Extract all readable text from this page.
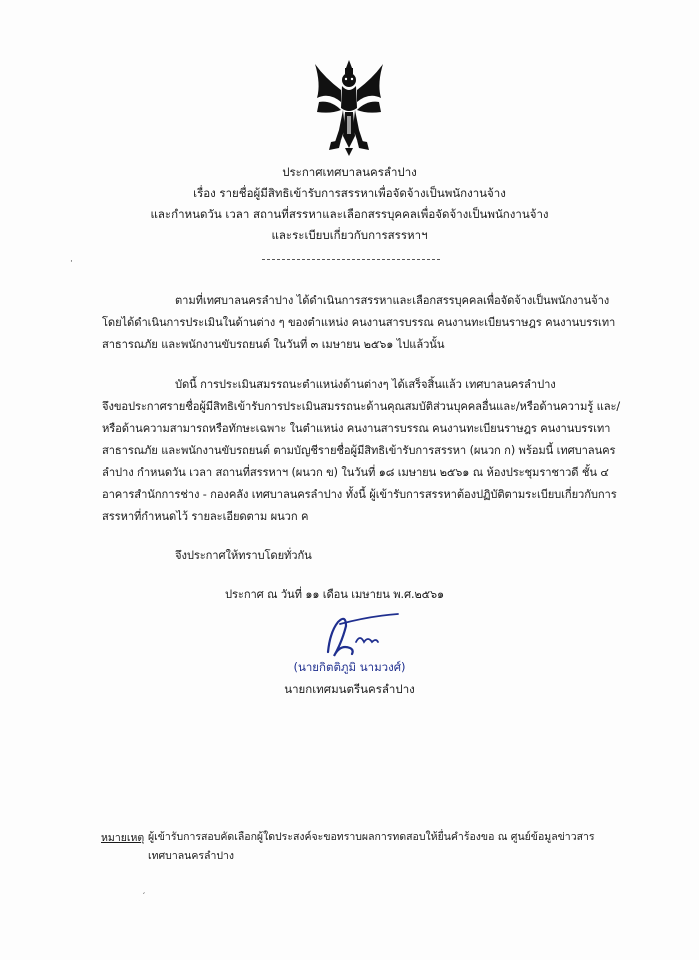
ประกาศเทศบาลนครลำปาง
เรื่อง รายชื่อผู้มีสิทธิเข้ารับการสรรหาเพื่อจัดจ้างเป็นพนักงานจ้าง
และกำหนดวัน เวลา สถานที่สรรหาและเลือกสรรบุคคลเพื่อจัดจ้างเป็นพนักงานจ้าง
และระเบียบเกี่ยวกับการสรรหาฯ
·
ตามที่เทศบาลนครลำปาง ได้ดำเนินการสรรหาและเลือกสรรบุคคลเพื่อจัดจ้างเป็นพนักงานจ้าง
โดยได้ดำเนินการประเมินในด้านต่าง ๆ ของตำแหน่ง คนงานสารบรรณ คนงานทะเบียนราษฎร คนงานบรรเทา
สาธารณภัย และพนักงานขับรถยนต์ ในวันที่ ๓ เมษายน ๒๕๖๑ ไปแล้วนั้น
บัดนี้ การประเมินสมรรถนะตำแหน่งด้านต่างๆ ได้เสร็จสิ้นแล้ว เทศบาลนครลำปาง
จึงขอประกาศรายชื่อผู้มีสิทธิเข้ารับการประเมินสมรรถนะด้านคุณสมบัติส่วนบุคคลอื่นและ/หรือด้านความรู้ และ/
หรือด้านความสามารถหรือทักษะเฉพาะ ในตำแหน่ง คนงานสารบรรณ คนงานทะเบียนราษฎร คนงานบรรเทา
สาธารณภัย และพนักงานขับรถยนต์ ตามบัญชีรายชื่อผู้มีสิทธิเข้ารับการสรรหา (ผนวก ก) พร้อมนี้ เทศบาลนคร
ลำปาง กำหนดวัน เวลา สถานที่สรรหาฯ (ผนวก ข) ในวันที่ ๑๘ เมษายน ๒๕๖๑ ณ ห้องประชุมราชาวดี ชั้น ๔
อาคารสำนักการช่าง - กองคลัง เทศบาลนครลำปาง ทั้งนี้ ผู้เข้ารับการสรรหาต้องปฏิบัติตามระเบียบเกี่ยวกับการ
สรรหาที่กำหนดไว้ รายละเอียดตาม ผนวก ค
จึงประกาศให้ทราบโดยทั่วกัน
ประกาศ ณ วันที่ ๑๑ เดือน เมษายน พ.ศ.๒๕๖๑
(นายกิตติภูมิ นามวงศ์)
นายกเทศมนตรีนครลำปาง
หมายเหตุ ผู้เข้ารับการสอบคัดเลือกผู้ใดประสงค์จะขอทราบผลการทดสอบให้ยื่นคำร้องขอ ณ ศูนย์ข้อมูลข่าวสาร
เทศบาลนครลำปาง
′
